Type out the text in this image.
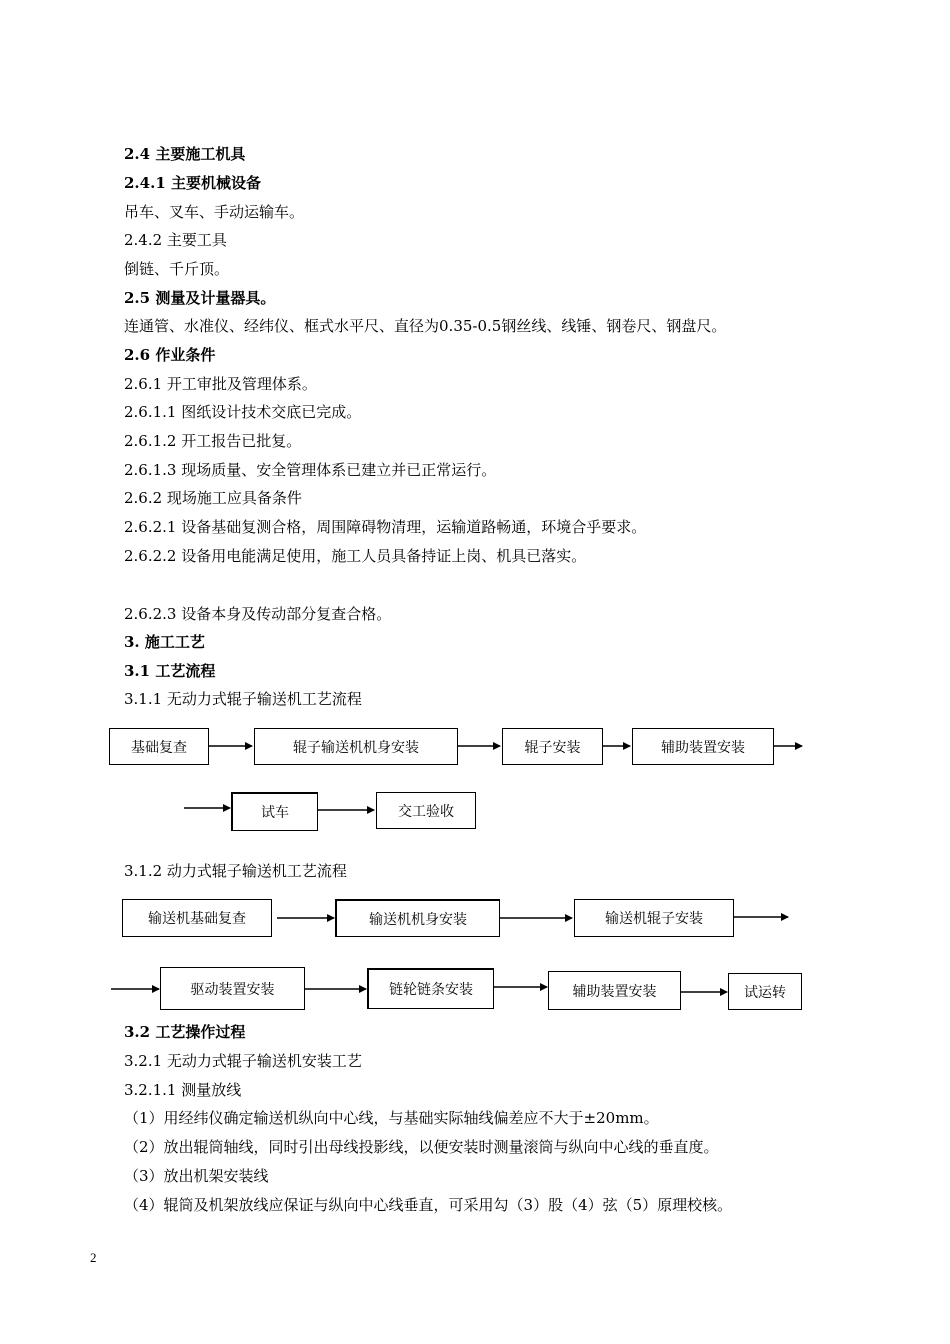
2.4 主要施工机具
2.4.1 主要机械设备
吊车、叉车、手动运输车。
2.4.2 主要工具
倒链、千斤顶。
2.5 测量及计量器具。
连通管、水准仪、经纬仪、框式水平尺、直径为0.35-0.5钢丝线、线锤、钢卷尺、钢盘尺。
2.6 作业条件
2.6.1 开工审批及管理体系。
2.6.1.1 图纸设计技术交底已完成。
2.6.1.2 开工报告已批复。
2.6.1.3 现场质量、安全管理体系已建立并已正常运行。
2.6.2 现场施工应具备条件
2.6.2.1 设备基础复测合格，周围障碍物清理，运输道路畅通，环境合乎要求。
2.6.2.2 设备用电能满足使用，施工人员具备持证上岗、机具已落实。
2.6.2.3 设备本身及传动部分复查合格。
3. 施工工艺
3.1 工艺流程
3.1.1 无动力式辊子输送机工艺流程
3.1.2 动力式辊子输送机工艺流程
3.2 工艺操作过程
3.2.1 无动力式辊子输送机安装工艺
3.2.1.1 测量放线
（1）用经纬仪确定输送机纵向中心线，与基础实际轴线偏差应不大于±20mm。
（2）放出辊筒轴线，同时引出母线投影线，以便安装时测量滚筒与纵向中心线的垂直度。
（3）放出机架安装线
（4）辊筒及机架放线应保证与纵向中心线垂直，可采用勾（3）股（4）弦（5）原理校核。
基础复查	辊子输送机机身安装	辊子安装	辅助装置安装
试车	交工验收
输送机基础复查	输送机机身安装	输送机辊子安装
驱动装置安装	链轮链条安装	辅助装置安装	试运转
2
